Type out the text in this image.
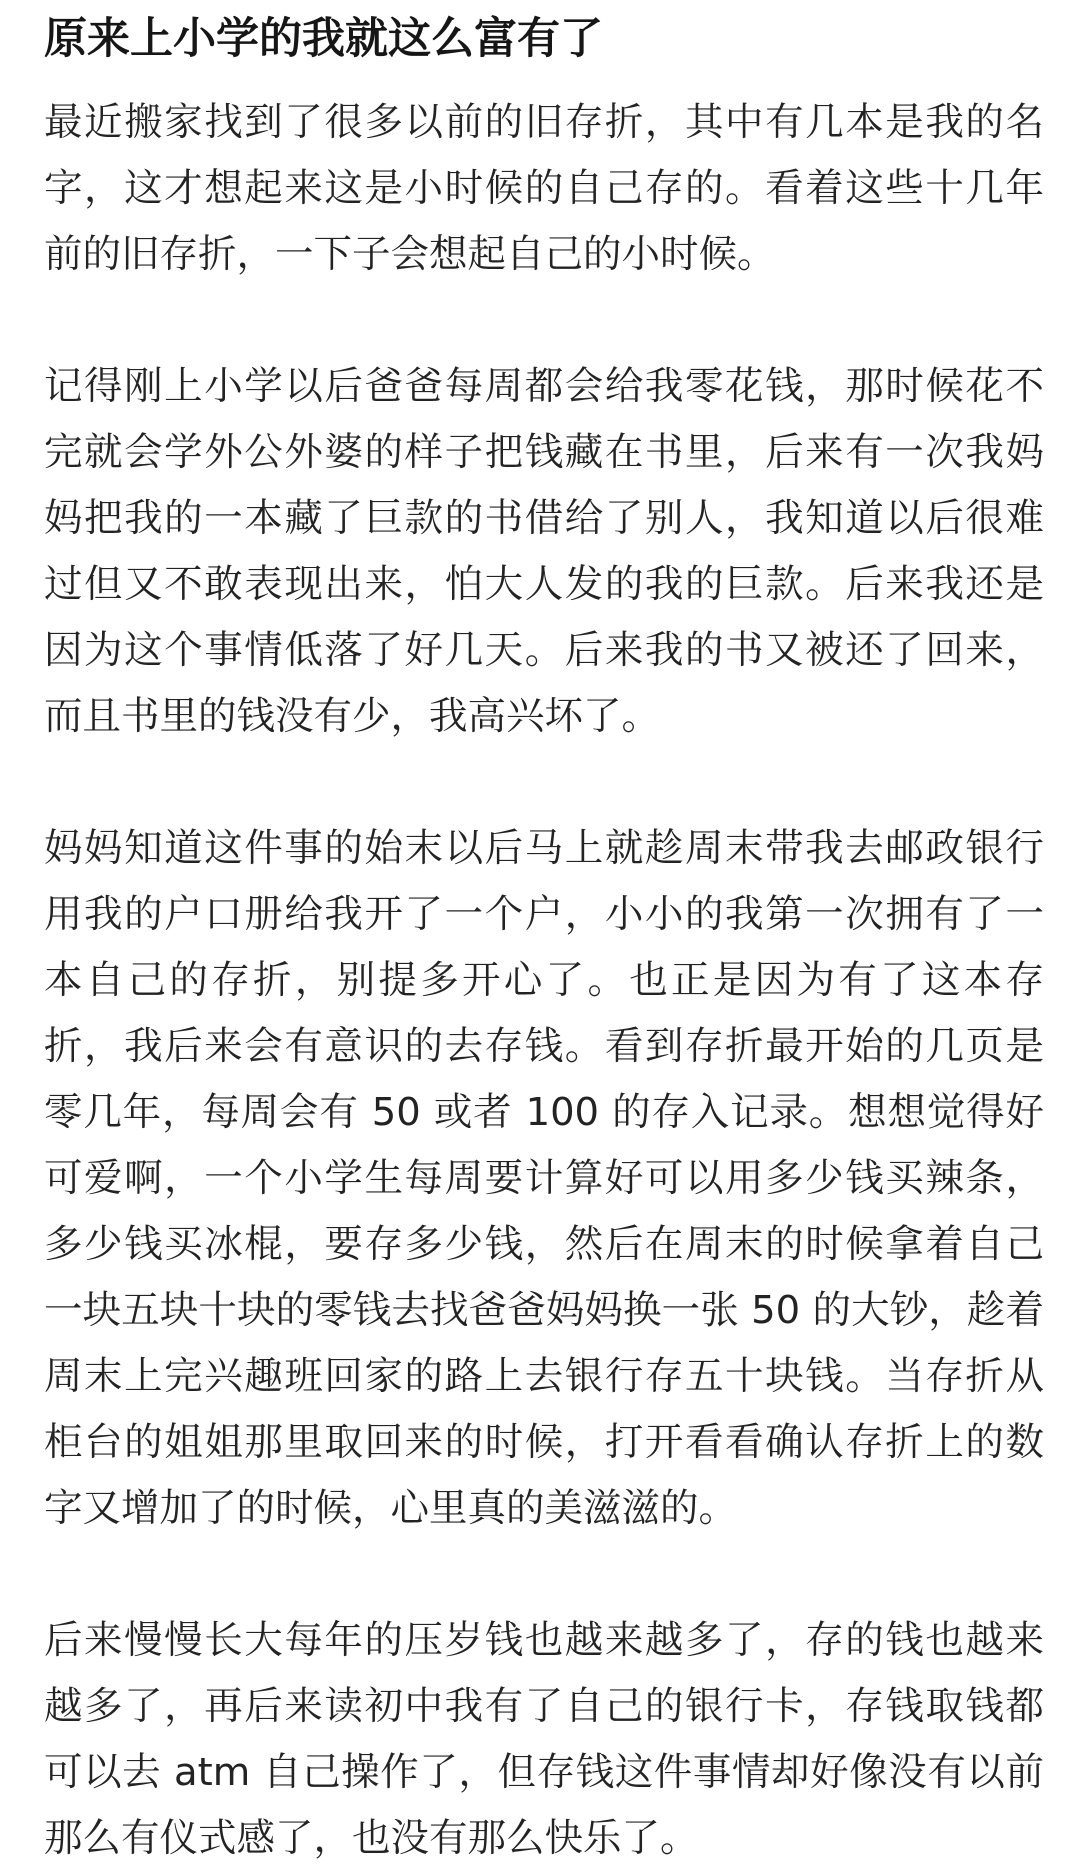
原来上小学的我就这么富有了

最近搬家找到了很多以前的旧存折，其中有几本是我的名字，这才想起来这是小时候的自己存的。看着这些十几年前的旧存折，一下子会想起自己的小时候。

记得刚上小学以后爸爸每周都会给我零花钱，那时候花不完就会学外公外婆的样子把钱藏在书里，后来有一次我妈妈把我的一本藏了巨款的书借给了别人，我知道以后很难过但又不敢表现出来，怕大人发的我的巨款。后来我还是因为这个事情低落了好几天。后来我的书又被还了回来，而且书里的钱没有少，我高兴坏了。

妈妈知道这件事的始末以后马上就趁周末带我去邮政银行用我的户口册给我开了一个户，小小的我第一次拥有了一本自己的存折，别提多开心了。也正是因为有了这本存折，我后来会有意识的去存钱。看到存折最开始的几页是零几年，每周会有 50 或者 100 的存入记录。想想觉得好可爱啊，一个小学生每周要计算好可以用多少钱买辣条，多少钱买冰棍，要存多少钱，然后在周末的时候拿着自己一块五块十块的零钱去找爸爸妈妈换一张 50 的大钞，趁着周末上完兴趣班回家的路上去银行存五十块钱。当存折从柜台的姐姐那里取回来的时候，打开看看确认存折上的数字又增加了的时候，心里真的美滋滋的。

后来慢慢长大每年的压岁钱也越来越多了，存的钱也越来越多了，再后来读初中我有了自己的银行卡，存钱取钱都可以去 atm 自己操作了，但存钱这件事情却好像没有以前那么有仪式感了，也没有那么快乐了。
